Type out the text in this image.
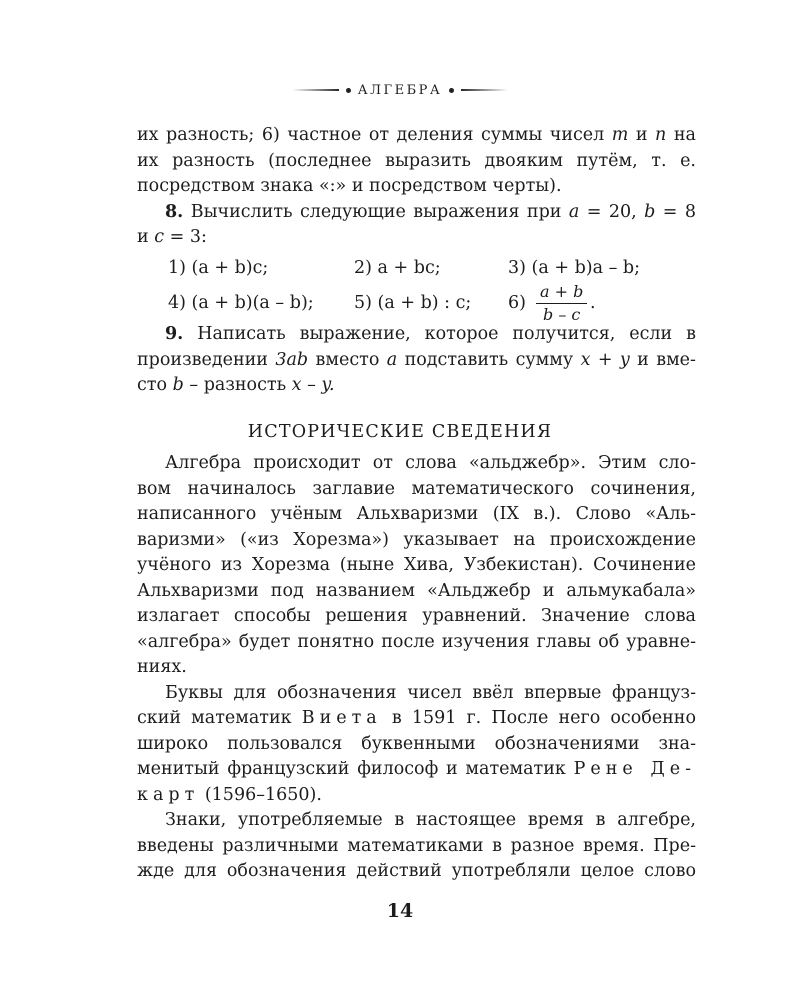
АЛГЕБРА
их разность; 6) частное от деления суммы чисел m и n на
их разность (последнее выразить двояким путём, т. е.
посредством знака «:» и посредством черты).
8. Вычислить следующие выражения при a = 20, b = 8
и c = 3:
1) (a + b)c;	2) a + bc;	3) (a + b)a – b;
4) (a + b)(a – b); 5) (a + b) : c; $6) \frac{a + b}{b - c}$ .
9. Написать выражение, которое получится, если в
произведении 3ab вместо a подставить сумму x + y и вме-
сто b – разность x – y.
ИСТОРИЧЕСКИЕ СВЕДЕНИЯ
Алгебра происходит от слова «альджебр». Этим сло-
вом начиналось заглавие математического сочинения,
написанного учёным Альхваризми (IX в.). Слово «Аль-
варизми» («из Хорезма») указывает на происхождение
учёного из Хорезма (ныне Хива, Узбекистан). Сочинение
Альхваризми под названием «Альджебр и альмукабала»
излагает способы решения уравнений. Значение слова
«алгебра» будет понятно после изучения главы об уравне-
ниях.
Буквы для обозначения чисел ввёл впервые француз-
ский математик Виета в 1591 г. После него особенно
широко пользовался буквенными обозначениями зна-
менитый французский философ и математик Рене Де-
карт (1596–1650).
Знаки, употребляемые в настоящее время в алгебре,
введены различными математиками в разное время. Пре-
жде для обозначения действий употребляли целое слово
14
